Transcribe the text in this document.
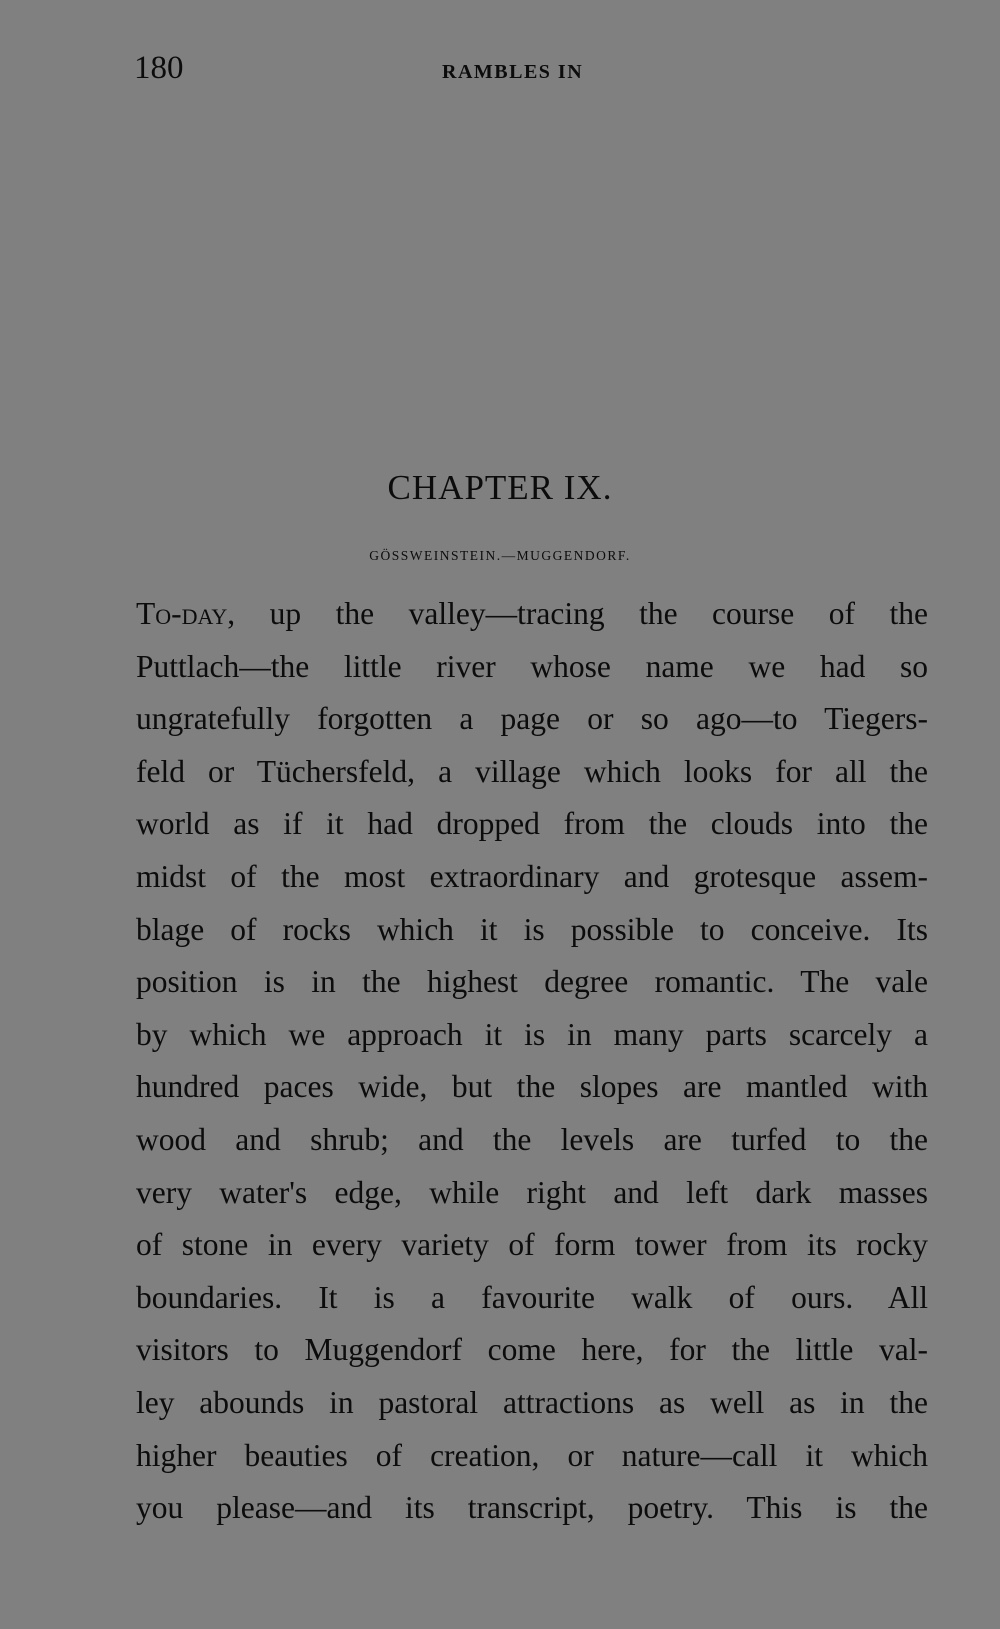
180	RAMBLES IN
CHAPTER IX.
GÖSSWEINSTEIN.—MUGGENDORF.
To-day, up the valley—tracing the course of the
Puttlach—the little river whose name we had so
ungratefully forgotten a page or so ago—to Tiegers-
feld or Tüchersfeld, a village which looks for all the
world as if it had dropped from the clouds into the
midst of the most extraordinary and grotesque assem-
blage of rocks which it is possible to conceive. Its
position is in the highest degree romantic. The vale
by which we approach it is in many parts scarcely a
hundred paces wide, but the slopes are mantled with
wood and shrub; and the levels are turfed to the
very water's edge, while right and left dark masses
of stone in every variety of form tower from its rocky
boundaries. It is a favourite walk of ours. All
visitors to Muggendorf come here, for the little val-
ley abounds in pastoral attractions as well as in the
higher beauties of creation, or nature—call it which
you please—and its transcript, poetry. This is the
